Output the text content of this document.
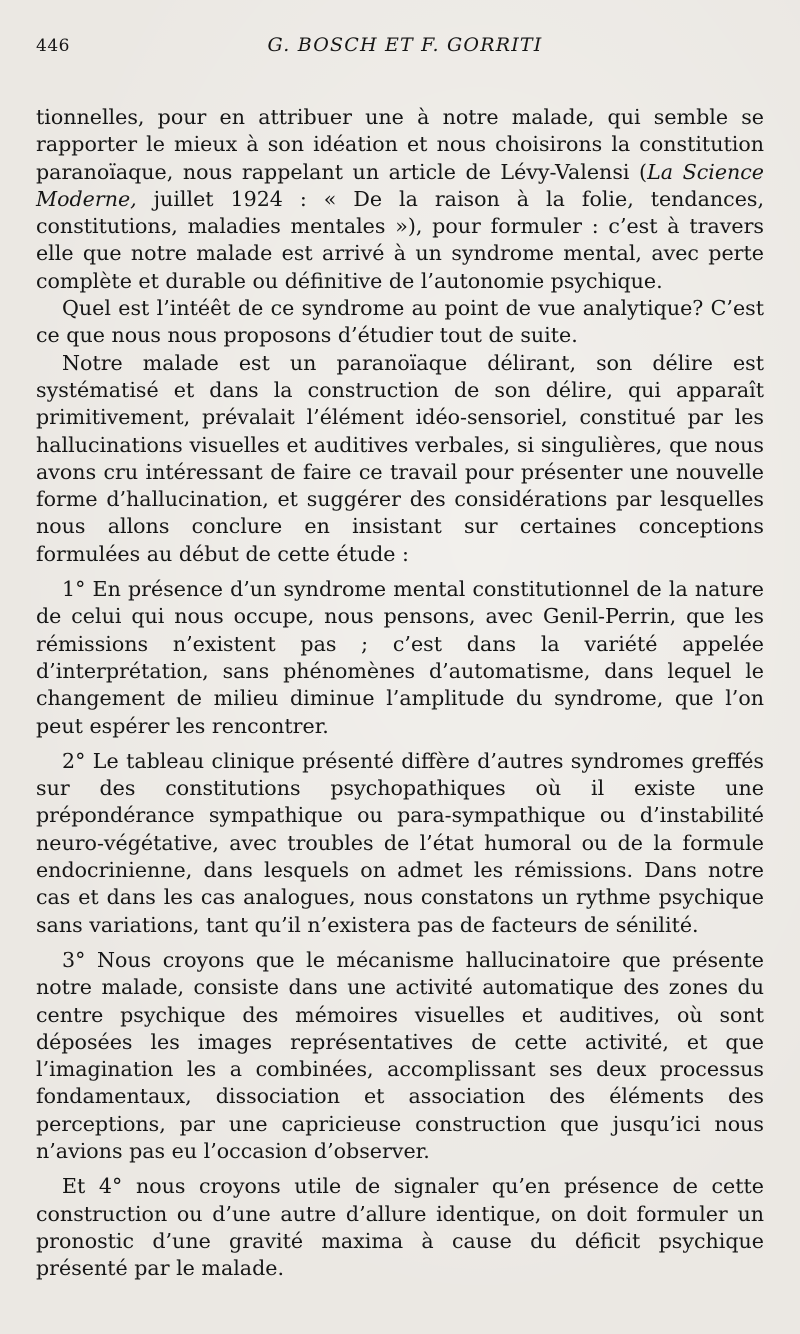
446	G. BOSCH ET F. GORRITI

tionnelles, pour en attribuer une à notre malade, qui semble se rapporter le mieux à son idéation et nous choisirons la constitution paranoïaque, nous rappelant un article de Lévy-Valensi (La Science Moderne, juillet 1924 : « De la raison à la folie, tendances, constitutions, maladies mentales »), pour formuler : c’est à travers elle que notre malade est arrivé à un syndrome mental, avec perte complète et durable ou définitive de l’autonomie psychique.

Quel est l’intéêt de ce syndrome au point de vue analytique? C’est ce que nous nous proposons d’étudier tout de suite.

Notre malade est un paranoïaque délirant, son délire est systématisé et dans la construction de son délire, qui apparaît primitivement, prévalait l’élément idéo-sensoriel, constitué par les hallucinations visuelles et auditives verbales, si singulières, que nous avons cru intéressant de faire ce travail pour présenter une nouvelle forme d’hallucination, et suggérer des considérations par lesquelles nous allons conclure en insistant sur certaines conceptions formulées au début de cette étude :

1° En présence d’un syndrome mental constitutionnel de la nature de celui qui nous occupe, nous pensons, avec Genil-Perrin, que les rémissions n’existent pas ; c’est dans la variété appelée d’interprétation, sans phénomènes d’automatisme, dans lequel le changement de milieu diminue l’amplitude du syndrome, que l’on peut espérer les rencontrer.

2° Le tableau clinique présenté diffère d’autres syndromes greffés sur des constitutions psychopathiques où il existe une prépondérance sympathique ou para-sympathique ou d’instabilité neuro-végétative, avec troubles de l’état humoral ou de la formule endocrinienne, dans lesquels on admet les rémissions. Dans notre cas et dans les cas analogues, nous constatons un rythme psychique sans variations, tant qu’il n’existera pas de facteurs de sénilité.

3° Nous croyons que le mécanisme hallucinatoire que présente notre malade, consiste dans une activité automatique des zones du centre psychique des mémoires visuelles et auditives, où sont déposées les images représentatives de cette activité, et que l’imagination les a combinées, accomplissant ses deux processus fondamentaux, dissociation et association des éléments des perceptions, par une capricieuse construction que jusqu’ici nous n’avions pas eu l’occasion d’observer.

Et 4° nous croyons utile de signaler qu’en présence de cette construction ou d’une autre d’allure identique, on doit formuler un pronostic d’une gravité maxima à cause du déficit psychique présenté par le malade.
